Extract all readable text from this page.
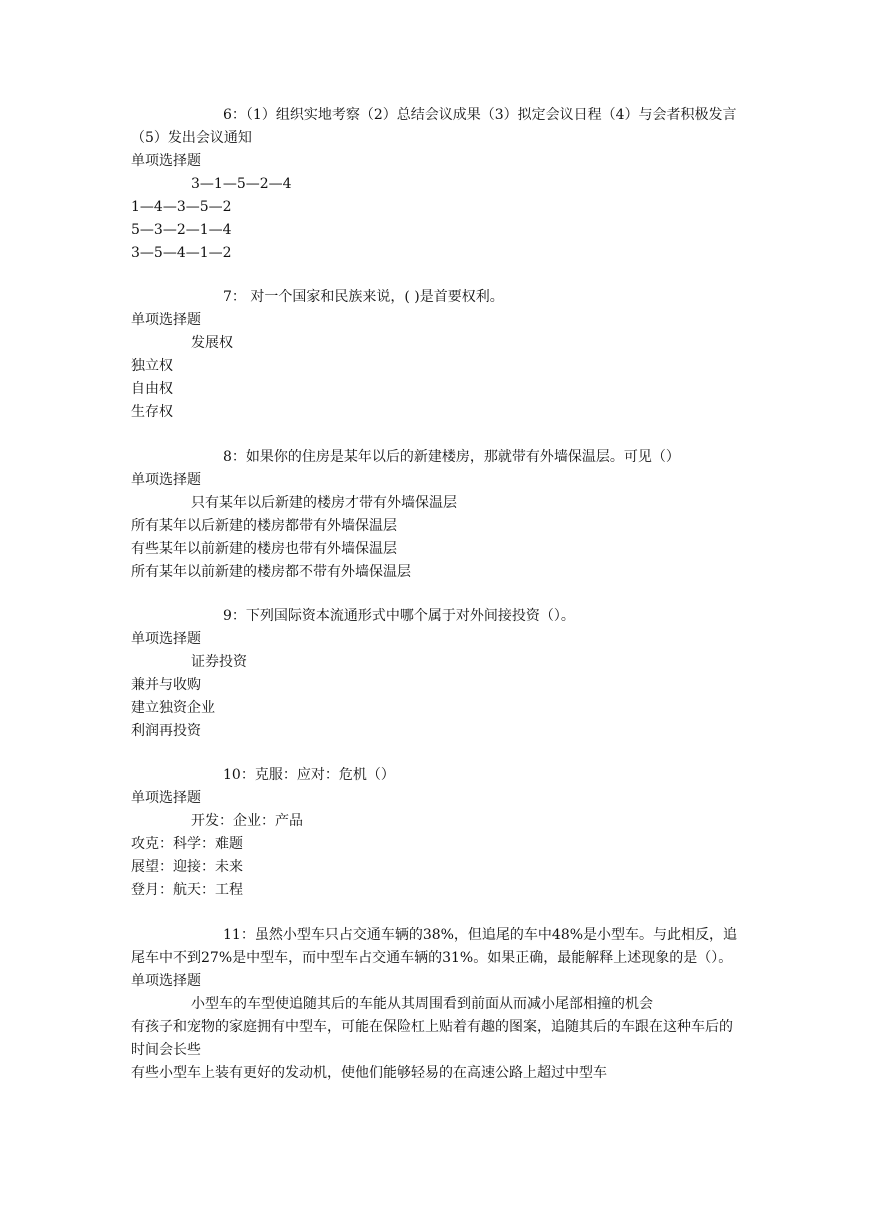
6：（1）组织实地考察（2）总结会议成果（3）拟定会议日程（4）与会者积极发言（5）发出会议通知

单项选择题

3—1—5—2—4

1—4—3—5—2

5—3—2—1—4

3—5—4—1—2

7： 对一个国家和民族来说，( )是首要权利。

单项选择题

发展权

独立权

自由权

生存权

8：如果你的住房是某年以后的新建楼房，那就带有外墙保温层。可见（）

单项选择题

只有某年以后新建的楼房才带有外墙保温层

所有某年以后新建的楼房都带有外墙保温层

有些某年以前新建的楼房也带有外墙保温层

所有某年以前新建的楼房都不带有外墙保温层

9：下列国际资本流通形式中哪个属于对外间接投资（）。

单项选择题

证券投资

兼并与收购

建立独资企业

利润再投资

10：克服：应对：危机（）

单项选择题

开发：企业：产品

攻克：科学：难题

展望：迎接：未来

登月：航天：工程

11：虽然小型车只占交通车辆的38%，但追尾的车中48%是小型车。与此相反，追尾车中不到27%是中型车，而中型车占交通车辆的31%。如果正确，最能解释上述现象的是（）。

单项选择题

小型车的车型使追随其后的车能从其周围看到前面从而减小尾部相撞的机会

有孩子和宠物的家庭拥有中型车，可能在保险杠上贴着有趣的图案，追随其后的车跟在这种车后的时间会长些

有些小型车上装有更好的发动机，使他们能够轻易的在高速公路上超过中型车
